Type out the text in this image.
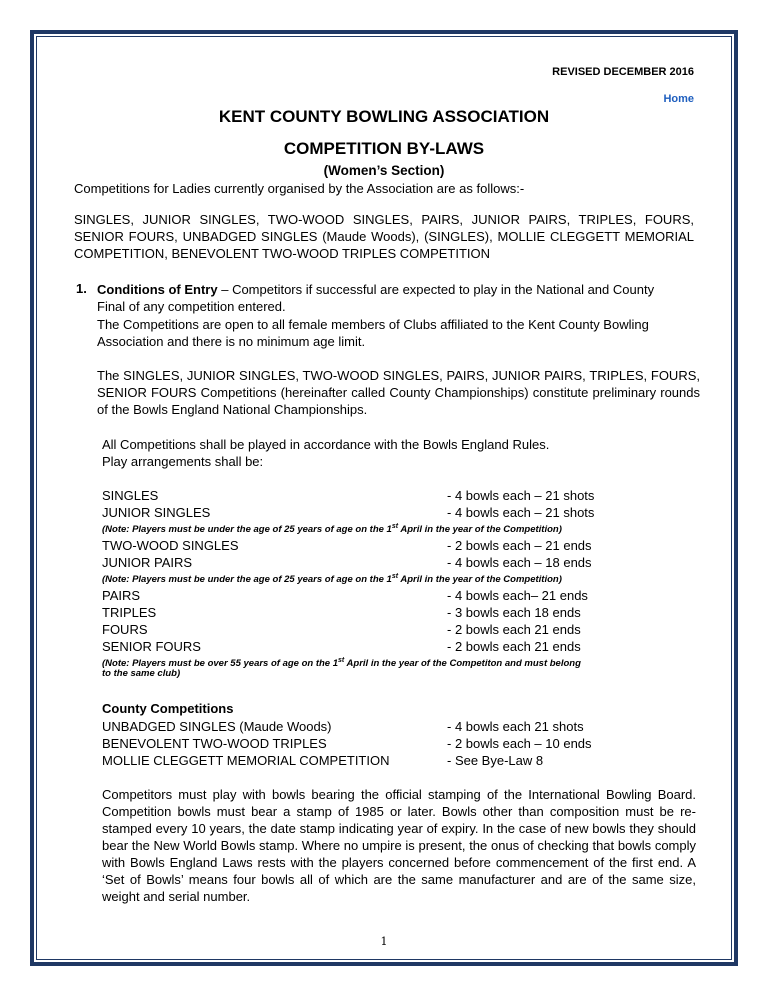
REVISED DECEMBER 2016
Home
KENT COUNTY BOWLING ASSOCIATION
COMPETITION BY-LAWS
(Women’s Section)
Competitions for Ladies currently organised by the Association are as follows:-
SINGLES, JUNIOR SINGLES, TWO-WOOD SINGLES, PAIRS, JUNIOR PAIRS, TRIPLES, FOURS, SENIOR FOURS, UNBADGED SINGLES (Maude Woods), (SINGLES), MOLLIE CLEGGETT MEMORIAL COMPETITION, BENEVOLENT TWO-WOOD TRIPLES COMPETITION
1. Conditions of Entry – Competitors if successful are expected to play in the National and County Final of any competition entered.
The Competitions are open to all female members of Clubs affiliated to the Kent County Bowling Association and there is no minimum age limit.
The SINGLES, JUNIOR SINGLES, TWO-WOOD SINGLES, PAIRS, JUNIOR PAIRS, TRIPLES, FOURS, SENIOR FOURS Competitions (hereinafter called County Championships) constitute preliminary rounds of the Bowls England National Championships.
All Competitions shall be played in accordance with the Bowls England Rules.
Play arrangements shall be:
SINGLES	- 4 bowls each – 21 shots
JUNIOR SINGLES	- 4 bowls each – 21 shots
(Note: Players must be under the age of 25 years of age on the 1st April in the year of the Competition)
TWO-WOOD SINGLES	- 2 bowls each – 21 ends
JUNIOR PAIRS	- 4 bowls each – 18 ends
(Note: Players must be under the age of 25 years of age on the 1st April in the year of the Competition)
PAIRS	- 4 bowls each– 21 ends
TRIPLES	- 3 bowls each 18 ends
FOURS	- 2 bowls each 21 ends
SENIOR FOURS	- 2 bowls each 21 ends
(Note: Players must be over 55 years of age on the 1st April in the year of the Competiton and must belong
to the same club)
County Competitions
UNBADGED SINGLES (Maude Woods)	- 4 bowls each 21 shots
BENEVOLENT TWO-WOOD TRIPLES	- 2 bowls each – 10 ends
MOLLIE CLEGGETT MEMORIAL COMPETITION	- See Bye-Law 8
Competitors must play with bowls bearing the official stamping of the International Bowling Board. Competition bowls must bear a stamp of 1985 or later. Bowls other than composition must be re-stamped every 10 years, the date stamp indicating year of expiry. In the case of new bowls they should bear the New World Bowls stamp. Where no umpire is present, the onus of checking that bowls comply with Bowls England Laws rests with the players concerned before commencement of the first end. A ‘Set of Bowls’ means four bowls all of which are the same manufacturer and are of the same size, weight and serial number.
1
